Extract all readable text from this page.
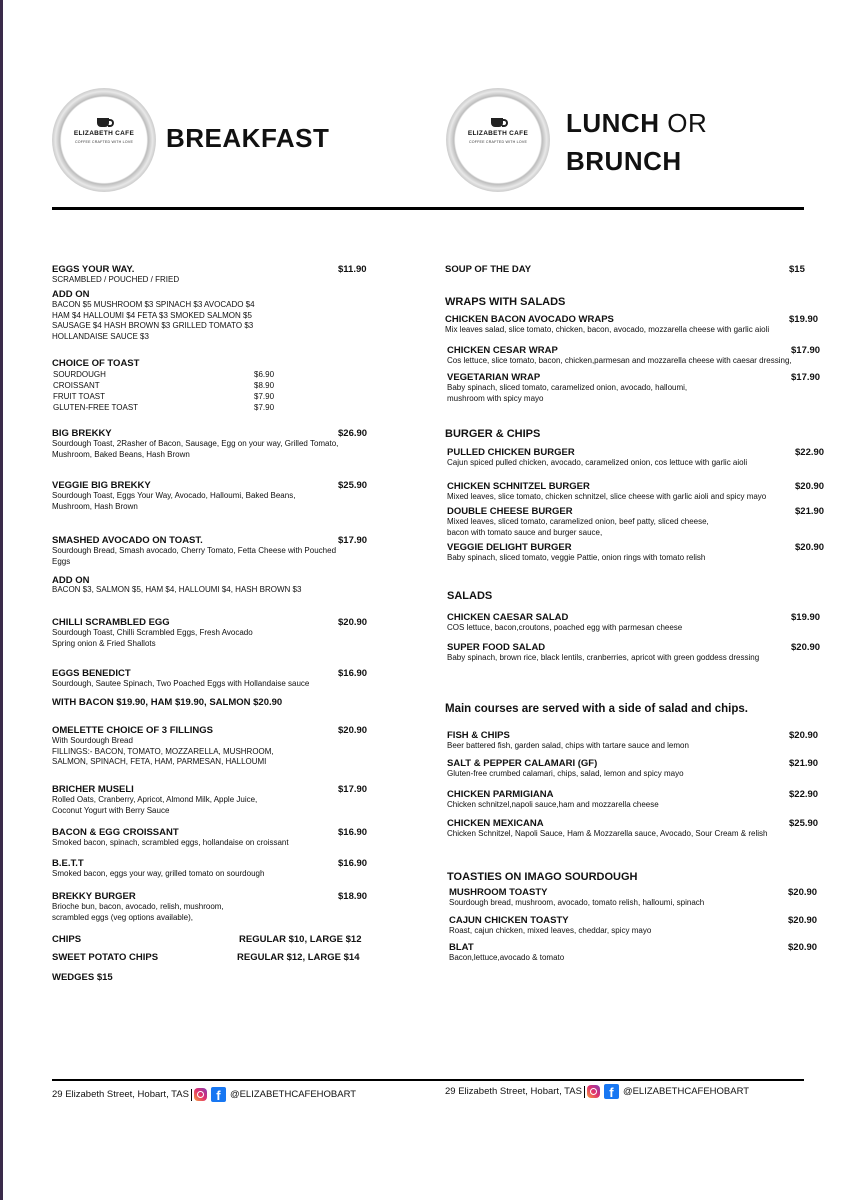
ELIZABETH CAFE
COFFEE CRAFTED WITH LOVE	BREAKFAST	ELIZABETH CAFE
COFFEE CRAFTED WITH LOVE
LUNCH OR
BRUNCH
EGGS YOUR WAY.
SCRAMBLED / POUCHED / FRIED
$11.90
ADD ON
BACON $5 MUSHROOM $3 SPINACH $3 AVOCADO $4
HAM $4 HALLOUMI $4 FETA $3 SMOKED SALMON $5
SAUSAGE $4 HASH BROWN $3 GRILLED TOMATO $3
HOLLANDAISE SAUCE $3
CHOICE OF TOAST
BIG BREKKY
Sourdough Toast, 2Rasher of Bacon, Sausage, Egg on your way, Grilled Tomato,
Mushroom, Baked Beans, Hash Brown
$26.90
VEGGIE BIG BREKKY
Sourdough Toast, Eggs Your Way, Avocado, Halloumi, Baked Beans,
Mushroom, Hash Brown
$25.90
SMASHED AVOCADO ON TOAST.
Sourdough Bread, Smash avocado, Cherry Tomato, Fetta Cheese with Pouched
Eggs
$17.90
ADD ON
BACON $3, SALMON $5, HAM $4, HALLOUMI $4, HASH BROWN $3
CHILLI SCRAMBLED EGG
Sourdough Toast, Chilli Scrambled Eggs, Fresh Avocado
Spring onion & Fried Shallots
$20.90
EGGS BENEDICT
Sourdough, Sautee Spinach, Two Poached Eggs with Hollandaise sauce
$16.90
WITH BACON $19.90, HAM $19.90, SALMON $20.90
OMELETTE CHOICE OF 3 FILLINGS
With Sourdough Bread
FILLINGS:- BACON, TOMATO, MOZZARELLA, MUSHROOM,
SALMON, SPINACH, FETA, HAM, PARMESAN, HALLOUMI
$20.90
BRICHER MUSELI
Rolled Oats, Cranberry, Apricot, Almond Milk, Apple Juice,
Coconut Yogurt with Berry Sauce
$17.90
BACON & EGG CROISSANT
Smoked bacon, spinach, scrambled eggs, hollandaise on croissant
$16.90
B.E.T.T
Smoked bacon, eggs your way, grilled tomato on sourdough
$16.90
BREKKY BURGER
Brioche bun, bacon, avocado, relish, mushroom,
scrambled eggs (veg options available),
$18.90
CHIPS	REGULAR $10, LARGE $12
SWEET POTATO CHIPS	REGULAR $12, LARGE $14
WEDGES $15
SOURDOUGH	$6.90
CROISSANT	$8.90
FRUIT TOAST	$7.90
GLUTEN-FREE TOAST	$7.90
SOUP OF THE DAY	$15
WRAPS WITH SALADS
CHICKEN BACON AVOCADO WRAPS
Mix leaves salad, slice tomato, chicken, bacon, avocado, mozzarella cheese with garlic aioli
$19.90
CHICKEN CESAR WRAP
Cos lettuce, slice tomato, bacon, chicken,parmesan and mozzarella cheese with caesar dressing,
$17.90
VEGETARIAN WRAP
Baby spinach, sliced tomato, caramelized onion, avocado, halloumi,
mushroom with spicy mayo
$17.90
BURGER & CHIPS
PULLED CHICKEN BURGER
Cajun spiced pulled chicken, avocado, caramelized onion, cos lettuce with garlic aioli
$22.90
CHICKEN SCHNITZEL BURGER
Mixed leaves, slice tomato, chicken schnitzel, slice cheese with garlic aioli and spicy mayo
$20.90
DOUBLE CHEESE BURGER
Mixed leaves, sliced tomato, caramelized onion, beef patty, sliced cheese,
bacon with tomato sauce and burger sauce,
$21.90
VEGGIE DELIGHT BURGER
Baby spinach, sliced tomato, veggie Pattie, onion rings with tomato relish
$20.90
SALADS
CHICKEN CAESAR SALAD
COS lettuce, bacon,croutons, poached egg with parmesan cheese
$19.90
SUPER FOOD SALAD
Baby spinach, brown rice, black lentils, cranberries, apricot with green goddess dressing
$20.90
Main courses are served with a side of salad and chips.
FISH & CHIPS
Beer battered fish, garden salad, chips with tartare sauce and lemon
$20.90
SALT & PEPPER CALAMARI (GF)
Gluten-free crumbed calamari, chips, salad, lemon and spicy mayo
$21.90
CHICKEN PARMIGIANA
Chicken schnitzel,napoli sauce,ham and mozzarella cheese
$22.90
CHICKEN MEXICANA
Chicken Schnitzel, Napoli Sauce, Ham & Mozzarella sauce, Avocado, Sour Cream & relish
$25.90
TOASTIES ON IMAGO SOURDOUGH
MUSHROOM TOASTY
Sourdough bread, mushroom, avocado, tomato relish, halloumi, spinach
$20.90
CAJUN CHICKEN TOASTY
Roast, cajun chicken, mixed leaves, cheddar, spicy mayo
$20.90
BLAT
Bacon,lettuce,avocado & tomato
$20.90
29 Elizabeth Street, Hobart, TAS	f @ELIZABETHCAFEHOBART	29 Elizabeth Street, Hobart, TAS	f @ELIZABETHCAFEHOBART
